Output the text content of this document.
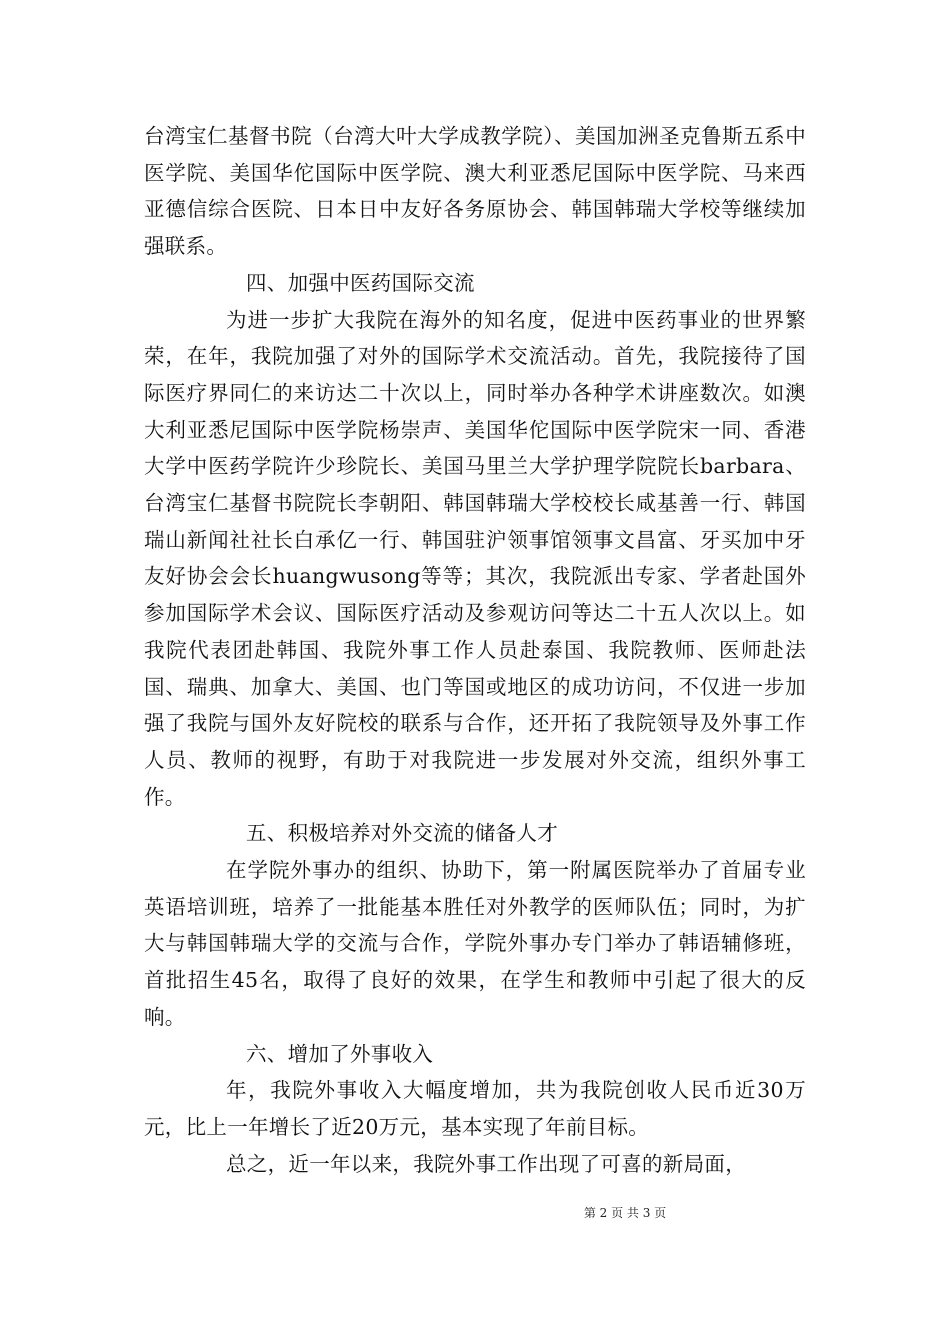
台湾宝仁基督书院（台湾大叶大学成教学院）、美国加洲圣克鲁斯五系中医学院、美国华佗国际中医学院、澳大利亚悉尼国际中医学院、马来西亚德信综合医院、日本日中友好各务原协会、韩国韩瑞大学校等继续加强联系。

四、加强中医药国际交流

为进一步扩大我院在海外的知名度，促进中医药事业的世界繁荣，在年，我院加强了对外的国际学术交流活动。首先，我院接待了国际医疗界同仁的来访达二十次以上，同时举办各种学术讲座数次。如澳大利亚悉尼国际中医学院杨崇声、美国华佗国际中医学院宋一同、香港大学中医药学院许少珍院长、美国马里兰大学护理学院院长barbara、台湾宝仁基督书院院长李朝阳、韩国韩瑞大学校校长咸基善一行、韩国瑞山新闻社社长白承亿一行、韩国驻沪领事馆领事文昌富、牙买加中牙友好协会会长huangwusong等等；其次，我院派出专家、学者赴国外参加国际学术会议、国际医疗活动及参观访问等达二十五人次以上。如我院代表团赴韩国、我院外事工作人员赴泰国、我院教师、医师赴法国、瑞典、加拿大、美国、也门等国或地区的成功访问，不仅进一步加强了我院与国外友好院校的联系与合作，还开拓了我院领导及外事工作人员、教师的视野，有助于对我院进一步发展对外交流，组织外事工作。

五、积极培养对外交流的储备人才

在学院外事办的组织、协助下，第一附属医院举办了首届专业英语培训班，培养了一批能基本胜任对外教学的医师队伍；同时，为扩大与韩国韩瑞大学的交流与合作，学院外事办专门举办了韩语辅修班，首批招生45名，取得了良好的效果，在学生和教师中引起了很大的反响。

六、增加了外事收入

年，我院外事收入大幅度增加，共为我院创收人民币近30万元，比上一年增长了近20万元，基本实现了年前目标。

总之，近一年以来，我院外事工作出现了可喜的新局面，

第 2 页 共 3 页
